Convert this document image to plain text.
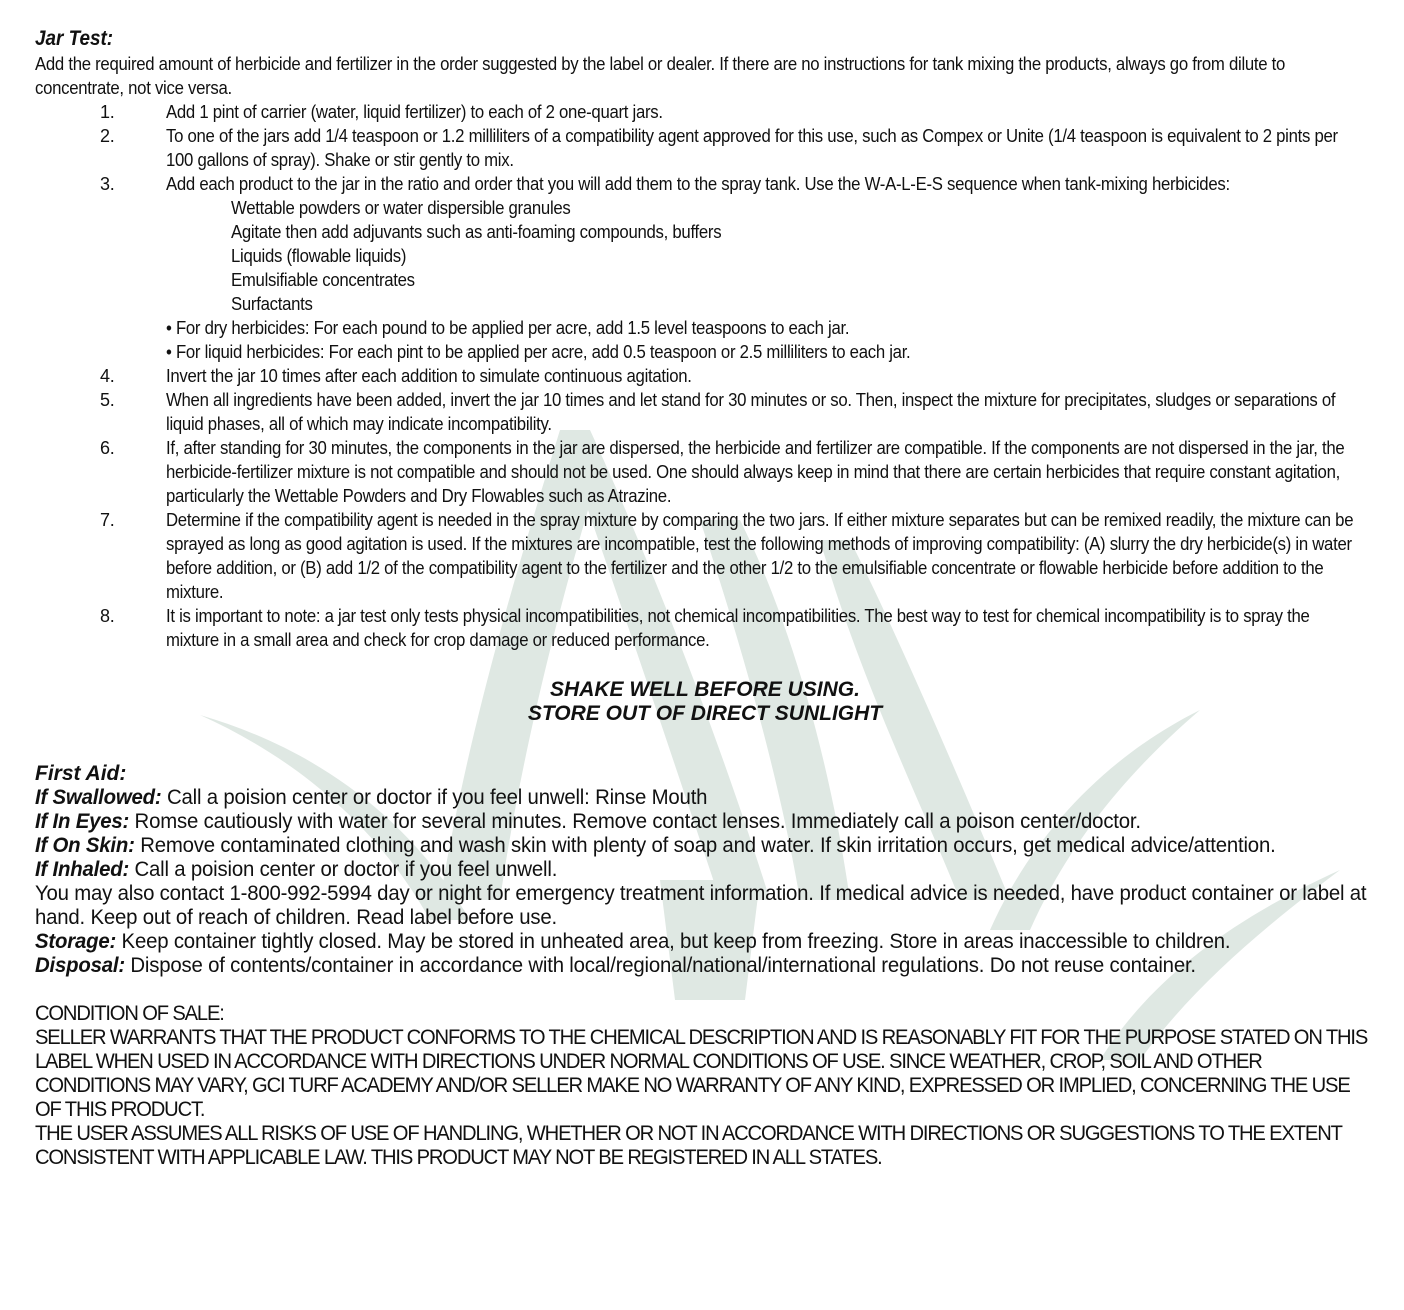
Jar Test:
Add the required amount of herbicide and fertilizer in the order suggested by the label or dealer. If there are no instructions for tank mixing the products, always go from dilute to concentrate, not vice versa.
1.	Add 1 pint of carrier (water, liquid fertilizer) to each of 2 one-quart jars.
2.	To one of the jars add 1/4 teaspoon or 1.2 milliliters of a compatibility agent approved for this use, such as Compex or Unite (1/4 teaspoon is equivalent to 2 pints per 100 gallons of spray). Shake or stir gently to mix.
3.	Add each product to the jar in the ratio and order that you will add them to the spray tank. Use the W-A-L-E-S sequence when tank-mixing herbicides:
Wettable powders or water dispersible granules
Agitate then add adjuvants such as anti-foaming compounds, buffers
Liquids (flowable liquids)
Emulsifiable concentrates
Surfactants
• For dry herbicides: For each pound to be applied per acre, add 1.5 level teaspoons to each jar.
• For liquid herbicides: For each pint to be applied per acre, add 0.5 teaspoon or 2.5 milliliters to each jar.
4.	Invert the jar 10 times after each addition to simulate continuous agitation.
5.	When all ingredients have been added, invert the jar 10 times and let stand for 30 minutes or so. Then, inspect the mixture for precipitates, sludges or separations of liquid phases, all of which may indicate incompatibility.
6.	If, after standing for 30 minutes, the components in the jar are dispersed, the herbicide and fertilizer are compatible. If the components are not dispersed in the jar, the herbicide-fertilizer mixture is not compatible and should not be used. One should always keep in mind that there are certain herbicides that require constant agitation, particularly the Wettable Powders and Dry Flowables such as Atrazine.
7.	Determine if the compatibility agent is needed in the spray mixture by comparing the two jars. If either mixture separates but can be remixed readily, the mixture can be sprayed as long as good agitation is used. If the mixtures are incompatible, test the following methods of improving compatibility: (A) slurry the dry herbicide(s) in water before addition, or (B) add 1/2 of the compatibility agent to the fertilizer and the other 1/2 to the emulsifiable concentrate or flowable herbicide before addition to the mixture.
8.	It is important to note: a jar test only tests physical incompatibilities, not chemical incompatibilities. The best way to test for chemical incompatibility is to spray the mixture in a small area and check for crop damage or reduced performance.
SHAKE WELL BEFORE USING.
STORE OUT OF DIRECT SUNLIGHT
First Aid:
If Swallowed: Call a poision center or doctor if you feel unwell: Rinse Mouth
If In Eyes: Romse cautiously with water for several minutes. Remove contact lenses. Immediately call a poison center/doctor.
If On Skin: Remove contaminated clothing and wash skin with plenty of soap and water. If skin irritation occurs, get medical advice/attention.
If Inhaled: Call a poision center or doctor if you feel unwell.
You may also contact 1-800-992-5994 day or night for emergency treatment information. If medical advice is needed, have product container or label at hand. Keep out of reach of children. Read label before use.
Storage: Keep container tightly closed. May be stored in unheated area, but keep from freezing. Store in areas inaccessible to children.
Disposal: Dispose of contents/container in accordance with local/regional/national/international regulations. Do not reuse container.
CONDITION OF SALE:
SELLER WARRANTS THAT THE PRODUCT CONFORMS TO THE CHEMICAL DESCRIPTION AND IS REASONABLY FIT FOR THE PURPOSE STATED ON THIS LABEL WHEN USED IN ACCORDANCE WITH DIRECTIONS UNDER NORMAL CONDITIONS OF USE. SINCE WEATHER, CROP, SOIL AND OTHER CONDITIONS MAY VARY, GCI TURF ACADEMY AND/OR SELLER MAKE NO WARRANTY OF ANY KIND, EXPRESSED OR IMPLIED, CONCERNING THE USE OF THIS PRODUCT.
THE USER ASSUMES ALL RISKS OF USE OF HANDLING, WHETHER OR NOT IN ACCORDANCE WITH DIRECTIONS OR SUGGESTIONS TO THE EXTENT CONSISTENT WITH APPLICABLE LAW. THIS PRODUCT MAY NOT BE REGISTERED IN ALL STATES.
